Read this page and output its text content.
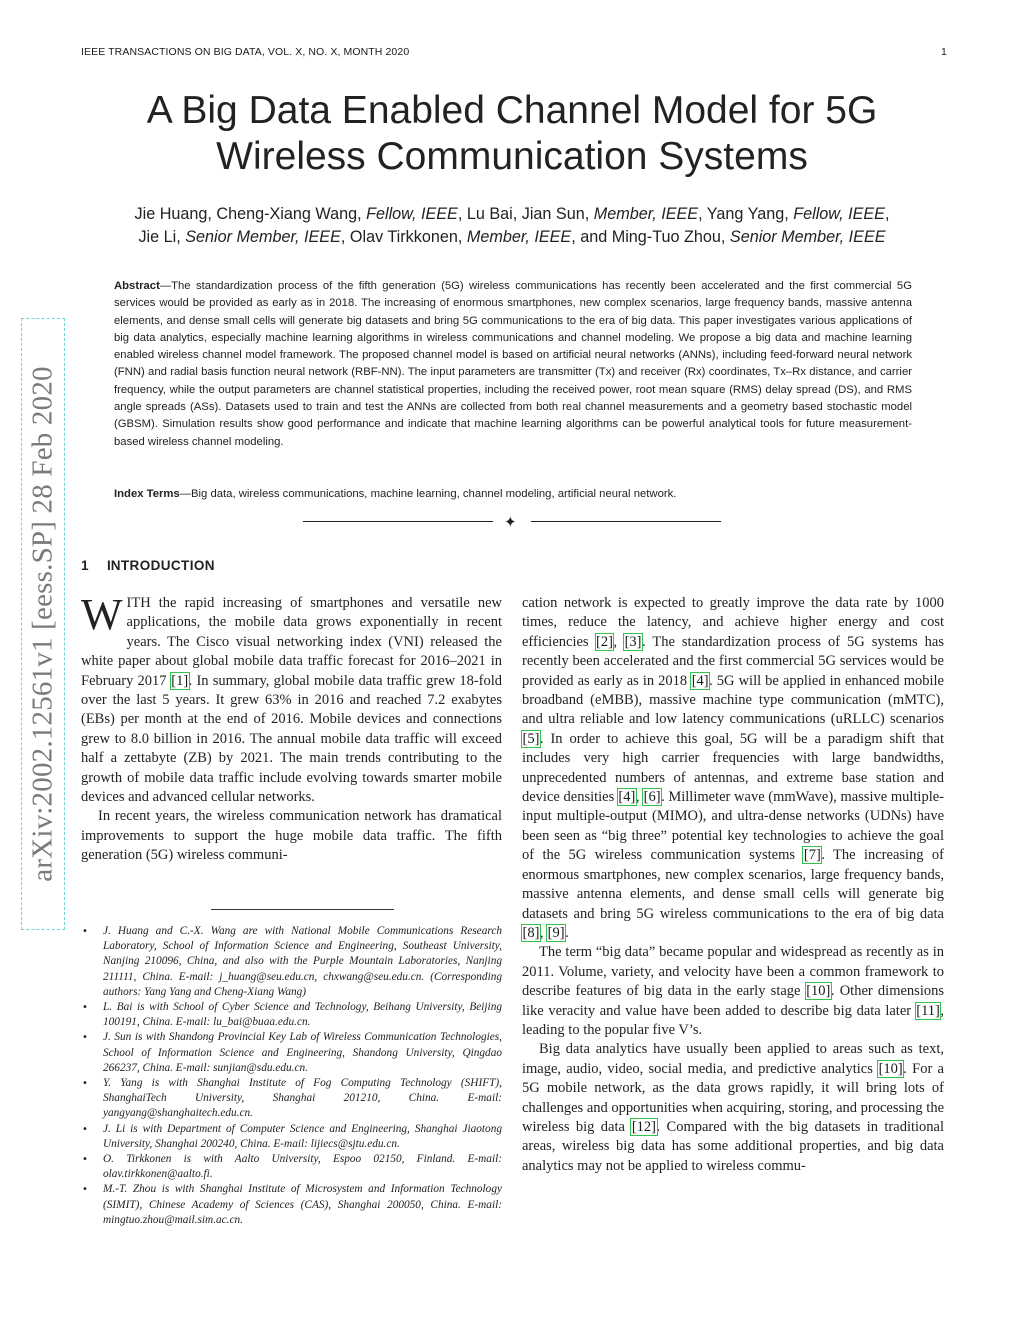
IEEE TRANSACTIONS ON BIG DATA, VOL. X, NO. X, MONTH 2020	1
A Big Data Enabled Channel Model for 5G
Wireless Communication Systems
Jie Huang, Cheng-Xiang Wang, Fellow, IEEE, Lu Bai, Jian Sun, Member, IEEE, Yang Yang, Fellow, IEEE,
Jie Li, Senior Member, IEEE, Olav Tirkkonen, Member, IEEE, and Ming-Tuo Zhou, Senior Member, IEEE
Abstract—The standardization process of the fifth generation (5G) wireless communications has recently been accelerated and the first commercial 5G services would be provided as early as in 2018. The increasing of enormous smartphones, new complex scenarios, large frequency bands, massive antenna elements, and dense small cells will generate big datasets and bring 5G communications to the era of big data. This paper investigates various applications of big data analytics, especially machine learning algorithms in wireless communications and channel modeling. We propose a big data and machine learning enabled wireless channel model framework. The proposed channel model is based on artificial neural networks (ANNs), including feed-forward neural network (FNN) and radial basis function neural network (RBF-NN). The input parameters are transmitter (Tx) and receiver (Rx) coordinates, Tx–Rx distance, and carrier frequency, while the output parameters are channel statistical properties, including the received power, root mean square (RMS) delay spread (DS), and RMS angle spreads (ASs). Datasets used to train and test the ANNs are collected from both real channel measurements and a geometry based stochastic model (GBSM). Simulation results show good performance and indicate that machine learning algorithms can be powerful analytical tools for future measurement-based wireless channel modeling.
Index Terms—Big data, wireless communications, machine learning, channel modeling, artificial neural network.
✦
1 INTRODUCTION

WITH the rapid increasing of smartphones and versatile new applications, the mobile data grows exponentially in recent years. The Cisco visual networking index (VNI) released the white paper about global mobile data traffic forecast for 2016–2021 in February 2017 [1]. In summary, global mobile data traffic grew 18-fold over the last 5 years. It grew 63% in 2016 and reached 7.2 exabytes (EBs) per month at the end of 2016. Mobile devices and connections grew to 8.0 billion in 2016. The annual mobile data traffic will exceed half a zettabyte (ZB) by 2021. The main trends contributing to the growth of mobile data traffic include evolving towards smarter mobile devices and advanced cellular networks.

In recent years, the wireless communication network has dramatical improvements to support the huge mobile data traffic. The fifth generation (5G) wireless communi-

• J. Huang and C.-X. Wang are with National Mobile Communications Research Laboratory, School of Information Science and Engineering, Southeast University, Nanjing 210096, China, and also with the Purple Mountain Laboratories, Nanjing 211111, China. E-mail: j_huang@seu.edu.cn, chxwang@seu.edu.cn. (Corresponding authors: Yang Yang and Cheng-Xiang Wang)
• L. Bai is with School of Cyber Science and Technology, Beihang University, Beijing 100191, China. E-mail: lu_bai@buaa.edu.cn.
• J. Sun is with Shandong Provincial Key Lab of Wireless Communication Technologies, School of Information Science and Engineering, Shandong University, Qingdao 266237, China. E-mail: sunjian@sdu.edu.cn.
• Y. Yang is with Shanghai Institute of Fog Computing Technology (SHIFT), ShanghaiTech University, Shanghai 201210, China. E-mail: yangyang@shanghaitech.edu.cn.
• J. Li is with Department of Computer Science and Engineering, Shanghai Jiaotong University, Shanghai 200240, China. E-mail: lijiecs@sjtu.edu.cn.
• O. Tirkkonen is with Aalto University, Espoo 02150, Finland. E-mail: olav.tirkkonen@aalto.fi.
• M.-T. Zhou is with Shanghai Institute of Microsystem and Information Technology (SIMIT), Chinese Academy of Sciences (CAS), Shanghai 200050, China. E-mail: mingtuo.zhou@mail.sim.ac.cn.

cation network is expected to greatly improve the data rate by 1000 times, reduce the latency, and achieve higher energy and cost efficiencies [2], [3]. The standardization process of 5G systems has recently been accelerated and the first commercial 5G services would be provided as early as in 2018 [4]. 5G will be applied in enhanced mobile broadband (eMBB), massive machine type communication (mMTC), and ultra reliable and low latency communications (uRLLC) scenarios [5]. In order to achieve this goal, 5G will be a paradigm shift that includes very high carrier frequencies with large bandwidths, unprecedented numbers of antennas, and extreme base station and device densities [4], [6]. Millimeter wave (mmWave), massive multiple-input multiple-output (MIMO), and ultra-dense networks (UDNs) have been seen as “big three” potential key technologies to achieve the goal of the 5G wireless communication systems [7]. The increasing of enormous smartphones, new complex scenarios, large frequency bands, massive antenna elements, and dense small cells will generate big datasets and bring 5G wireless communications to the era of big data [8], [9].

The term “big data” became popular and widespread as recently as in 2011. Volume, variety, and velocity have been a common framework to describe features of big data in the early stage [10]. Other dimensions like veracity and value have been added to describe big data later [11], leading to the popular five V’s.

Big data analytics have usually been applied to areas such as text, image, audio, video, social media, and predictive analytics [10]. For a 5G mobile network, as the data grows rapidly, it will bring lots of challenges and opportunities when acquiring, storing, and processing the wireless big data [12]. Compared with the big datasets in traditional areas, wireless big data has some additional properties, and big data analytics may not be applied to wireless commu-

arXiv:2002.12561v1 [eess.SP] 28 Feb 2020
